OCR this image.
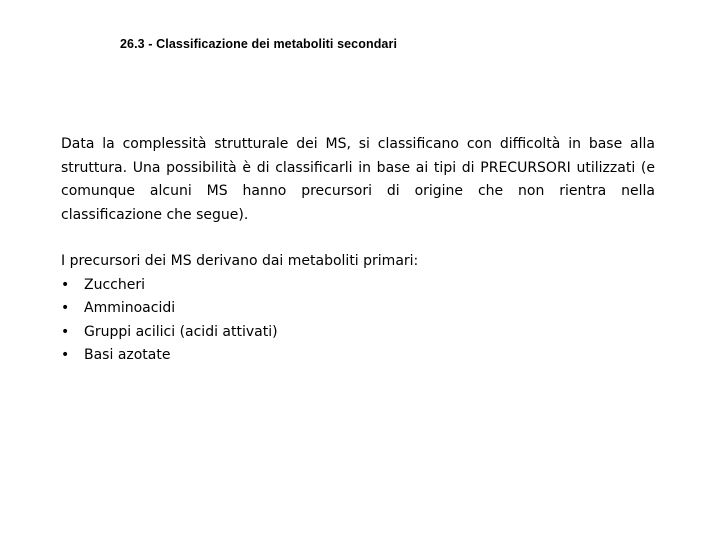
26.3 - Classificazione dei metaboliti secondari

Data la complessità strutturale dei MS, si classificano con difficoltà in base alla struttura. Una possibilità è di classificarli in base ai tipi di PRECURSORI utilizzati (e comunque alcuni MS hanno precursori di origine che non rientra nella classificazione che segue).

I precursori dei MS derivano dai metaboliti primari:

• Zuccheri
• Amminoacidi
• Gruppi acilici (acidi attivati)
• Basi azotate
